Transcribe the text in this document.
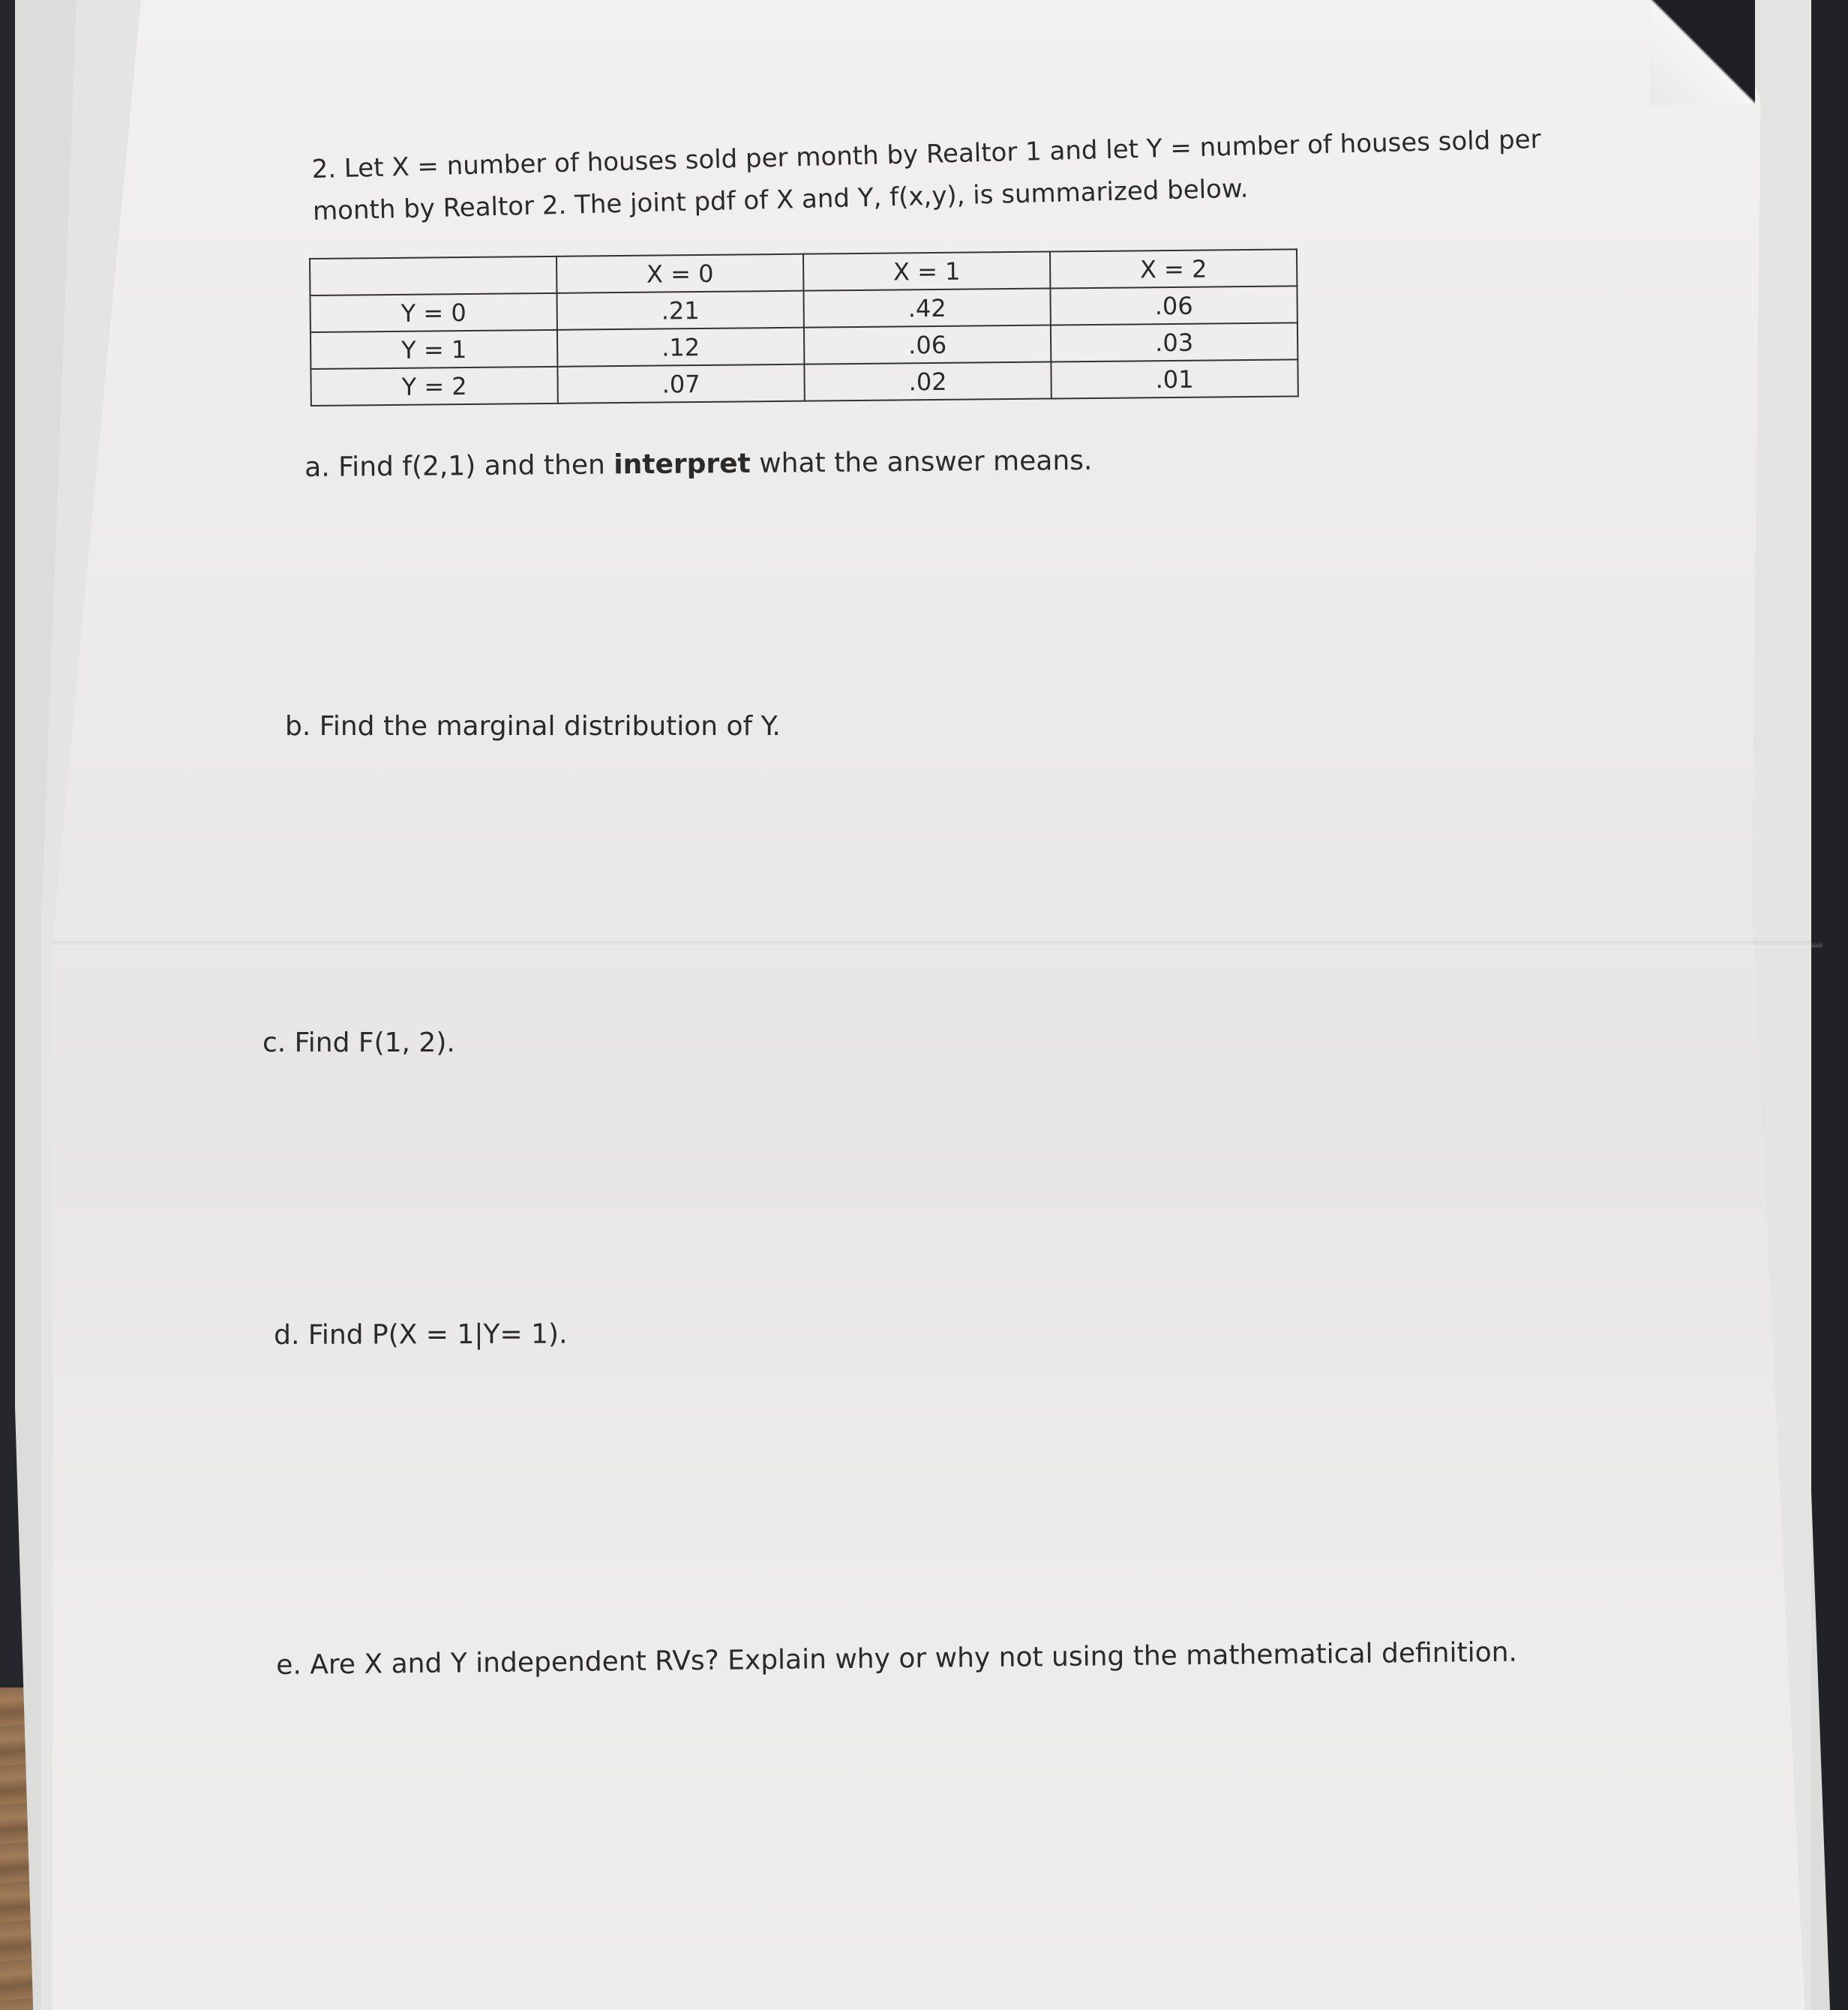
2. Let X = number of houses sold per month by Realtor 1 and let Y = number of houses sold per
month by Realtor 2. The joint pdf of X and Y, f(x,y), is summarized below.
	X = 0	X = 1	X = 2
Y = 0	.21	.42	.06
Y = 1	.12	.06	.03
Y = 2	.07	.02	.01
a. Find f(2,1) and then interpret what the answer means.
b. Find the marginal distribution of Y.
c. Find F(1, 2).
d. Find P(X = 1|Y= 1).
e. Are X and Y independent RVs? Explain why or why not using the mathematical definition.
